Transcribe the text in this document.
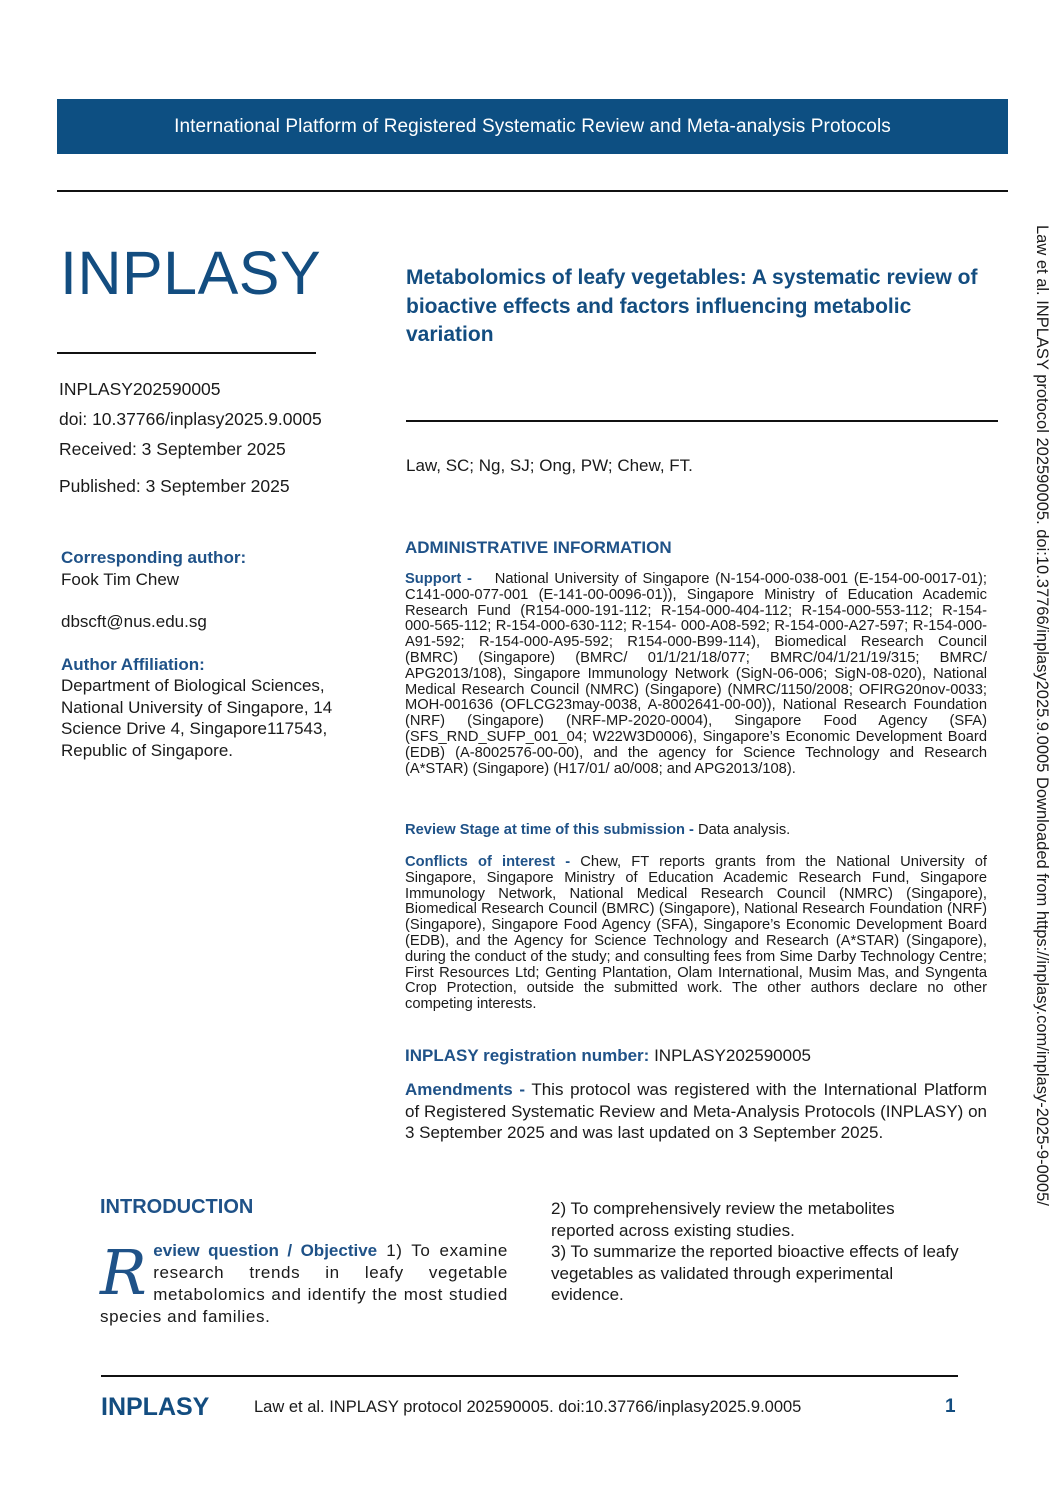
International Platform of Registered Systematic Review and Meta-analysis Protocols
INPLASY	Metabolomics of leafy vegetables: A systematic review of bioactive effects and factors influencing metabolic variation
INPLASY202590005
doi: 10.37766/inplasy2025.9.0005
Received: 3 September 2025
Published: 3 September 2025
Law, SC; Ng, SJ; Ong, PW; Chew, FT.
Corresponding author:
Fook Tim Chew
dbscft@nus.edu.sg
Author Affiliation:
Department of Biological Sciences, National University of Singapore, 14 Science Drive 4, Singapore117543, Republic of Singapore.
ADMINISTRATIVE INFORMATION
Support - National University of Singapore (N-154-000-038-001 (E-154-00-0017-01); C141-000-077-001 (E-141-00-0096-01)), Singapore Ministry of Education Academic Research Fund (R154-000-191-112; R-154-000-404-112; R-154-000-553-112; R-154-000-565-112; R-154-000-630-112; R-154- 000-A08-592; R-154-000-A27-597; R-154-000-A91-592; R-154-000-A95-592; R154-000-B99-114), Biomedical Research Council (BMRC) (Singapore) (BMRC/ 01/1/21/18/077; BMRC/04/1/21/19/315; BMRC/ APG2013/108), Singapore Immunology Network (SigN-06-006; SigN-08-020), National Medical Research Council (NMRC) (Singapore) (NMRC/1150/2008; OFIRG20nov-0033; MOH-001636 (OFLCG23may-0038, A-8002641-00-00)), National Research Foundation (NRF) (Singapore) (NRF-MP-2020-0004), Singapore Food Agency (SFA) (SFS_RND_SUFP_001_04; W22W3D0006), Singapore’s Economic Development Board (EDB) (A-8002576-00-00), and the agency for Science Technology and Research (A*STAR) (Singapore) (H17/01/ a0/008; and APG2013/108).
Review Stage at time of this submission - Data analysis.
Conflicts of interest - Chew, FT reports grants from the National University of Singapore, Singapore Ministry of Education Academic Research Fund, Singapore Immunology Network, National Medical Research Council (NMRC) (Singapore), Biomedical Research Council (BMRC) (Singapore), National Research Foundation (NRF) (Singapore), Singapore Food Agency (SFA), Singapore’s Economic Development Board (EDB), and the Agency for Science Technology and Research (A*STAR) (Singapore), during the conduct of the study; and consulting fees from Sime Darby Technology Centre; First Resources Ltd; Genting Plantation, Olam International, Musim Mas, and Syngenta Crop Protection, outside the submitted work. The other authors declare no other competing interests.
INPLASY registration number: INPLASY202590005
Amendments - This protocol was registered with the International Platform of Registered Systematic Review and Meta-Analysis Protocols (INPLASY) on 3 September 2025 and was last updated on 3 September 2025.
INTRODUCTION
R eview question / Objective 1) To examine research trends in leafy vegetable metabolomics and identify the most studied species and families.
2) To comprehensively review the metabolites reported across existing studies.
3) To summarize the reported bioactive effects of leafy vegetables as validated through experimental evidence.
Law et al. INPLASY protocol 202590005. doi:10.37766/inplasy2025.9.0005 Downloaded from https://inplasy.com/inplasy-2025-9-0005/
INPLASY	Law et al. INPLASY protocol 202590005. doi:10.37766/inplasy2025.9.0005	1
